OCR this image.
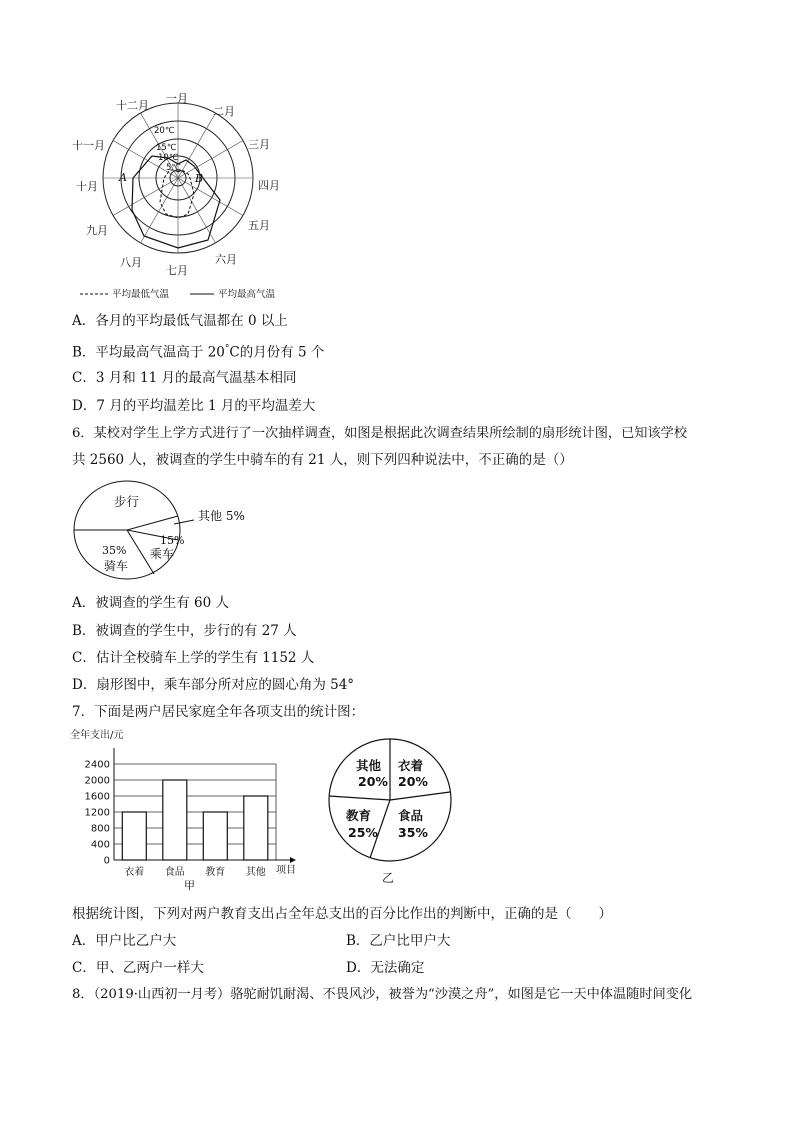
20℃
15℃
10℃
5℃
A	B
一月
二月
三月
四月
五月
六月
七月
八月
九月
十月
十一月
十二月
平均最低气温	平均最高气温
A．各月的平均最低气温都在 0 以上
B．平均最高气温高于 20°C的月份有 5 个
C．3 月和 11 月的最高气温基本相同
D．7 月的平均温差比 1 月的平均温差大
6．某校对学生上学方式进行了一次抽样调查，如图是根据此次调查结果所绘制的扇形统计图，已知该学校
共 2560 人，被调查的学生中骑车的有 21 人，则下列四种说法中，不正确的是（）
步行
其他 5%
15%
乘车
35%
骑车
A．被调查的学生有 60 人
B．被调查的学生中，步行的有 27 人
C．估计全校骑车上学的学生有 1152 人
D．扇形图中，乘车部分所对应的圆心角为 54°
7．下面是两户居民家庭全年各项支出的统计图：
全年支出/元
0
400
800
1200
1600
2000
2400
衣着 食品 教育 其他 项目
甲
其他
20%
衣着
20%
教育
25%
食品
35%
乙
根据统计图，下列对两户教育支出占全年总支出的百分比作出的判断中，正确的是（　　）
A．甲户比乙户大	B．乙户比甲户大
C．甲、乙两户一样大	D．无法确定
8．（2019·山西初一月考）骆驼耐饥耐渴、不畏风沙，被誉为“沙漠之舟”，如图是它一天中体温随时间变化
